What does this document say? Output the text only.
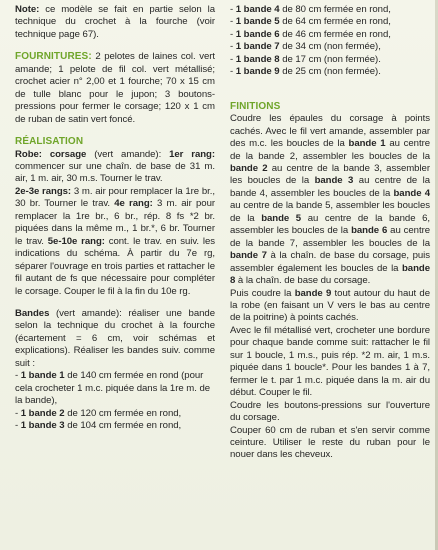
Note: ce modèle se fait en partie selon la technique du crochet à la fourche (voir technique page 67).

FOURNITURES: 2 pelotes de laines col. vert amande; 1 pelote de fil col. vert métallisé; crochet acier n° 2,00 et 1 fourche; 70 x 15 cm de tulle blanc pour le jupon; 3 boutons-pressions pour fermer le corsage; 120 x 1 cm de ruban de satin vert foncé.

RÉALISATION

Robe: corsage (vert amande): 1er rang: commencer sur une chaîn. de base de 31 m. air, 1 m. air, 30 m.s. Tourner le trav.

2e-3e rangs: 3 m. air pour remplacer la 1re br., 30 br. Tourner le trav. 4e rang: 3 m. air pour remplacer la 1re br., 6 br., rép. 8 fs *2 br. piquées dans la même m., 1 br.*, 6 br. Tourner le trav. 5e-10e rang: cont. le trav. en suiv. les indications du schéma. À partir du 7e rg, séparer l'ouvrage en trois parties et rattacher le fil autant de fs que nécessaire pour compléter le corsage. Couper le fil à la fin du 10e rg.

Bandes (vert amande): réaliser une bande selon la technique du crochet à la fourche (écartement = 6 cm, voir schémas et explications). Réaliser les bandes suiv. comme suit :

- 1 bande 1 de 140 cm fermée en rond (pour cela crocheter 1 m.c. piquée dans la 1re m. de la bande),
- 1 bande 2 de 120 cm fermée en rond,
- 1 bande 3 de 104 cm fermée en rond,
- 1 bande 4 de 80 cm fermée en rond,
- 1 bande 5 de 64 cm fermée en rond,
- 1 bande 6 de 46 cm fermée en rond,
- 1 bande 7 de 34 cm (non fermée),
- 1 bande 8 de 17 cm (non fermée).
- 1 bande 9 de 25 cm (non fermée).

FINITIONS

Coudre les épaules du corsage à points cachés. Avec le fil vert amande, assembler par des m.c. les boucles de la bande 1 au centre de la bande 2, assembler les boucles de la bande 2 au centre de la bande 3, assembler les boucles de la bande 3 au centre de la bande 4, assembler les boucles de la bande 4 au centre de la bande 5, assembler les boucles de la bande 5 au centre de la bande 6, assembler les boucles de la bande 6 au centre de la bande 7, assembler les boucles de la bande 7 à la chaîn. de base du corsage, puis assembler également les boucles de la bande 8 à la chaîn. de base du corsage.

Puis coudre la bande 9 tout autour du haut de la robe (en faisant un V vers le bas au centre de la poitrine) à points cachés.

Avec le fil métallisé vert, crocheter une bordure pour chaque bande comme suit: rattacher le fil sur 1 boucle, 1 m.s., puis rép. *2 m. air, 1 m.s. piquée dans 1 boucle*. Pour les bandes 1 à 7, fermer le t. par 1 m.c. piquée dans la m. air du début. Couper le fil.

Coudre les boutons-pressions sur l'ouverture du corsage.

Couper 60 cm de ruban et s'en servir comme ceinture. Utiliser le reste du ruban pour le nouer dans les cheveux.
